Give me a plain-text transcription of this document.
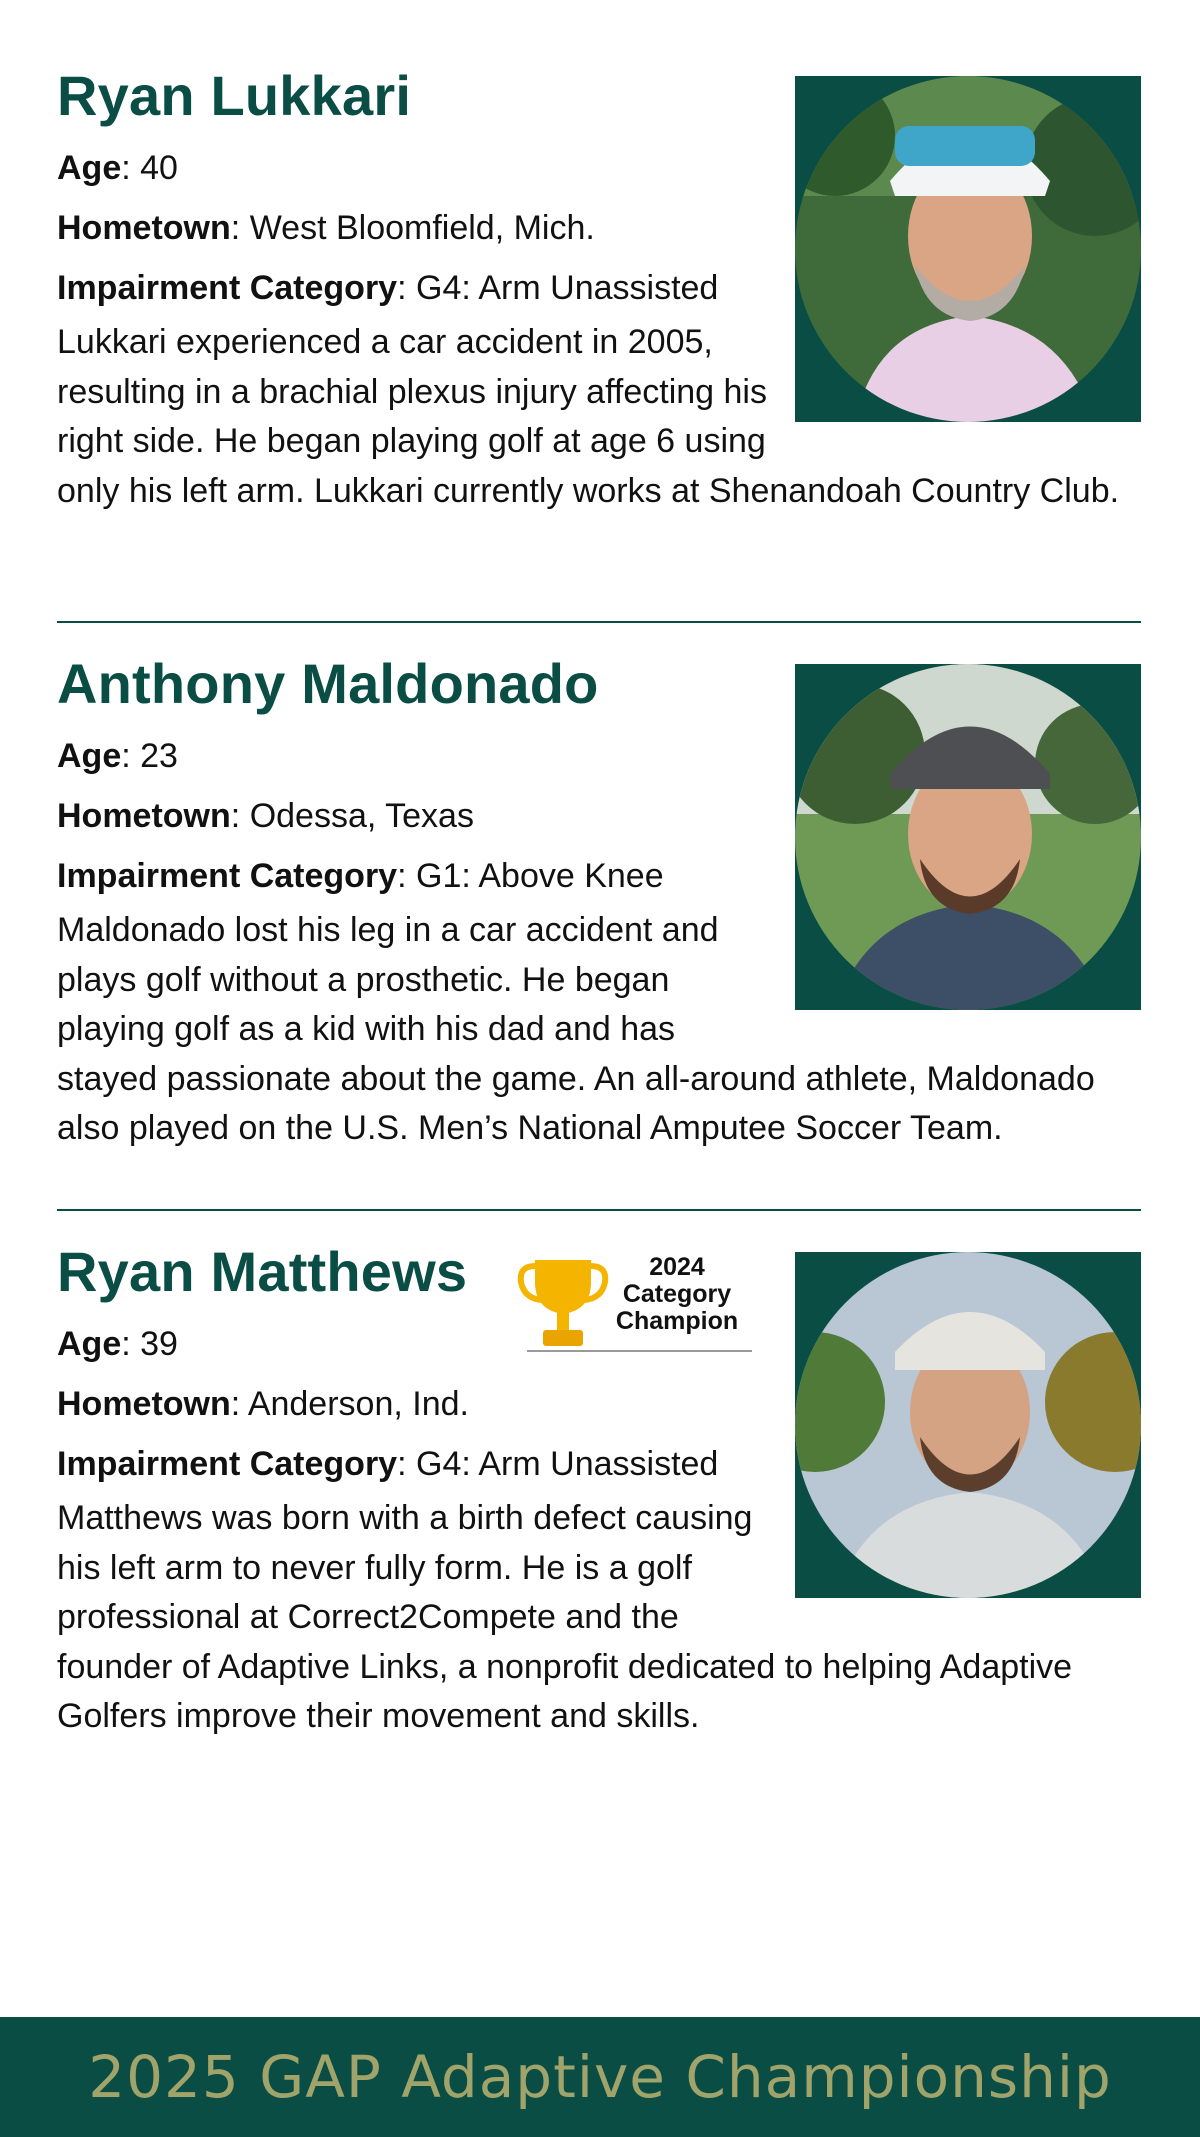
Ryan Lukkari

Age: 40

Hometown: West Bloomfield, Mich.

Impairment Category: G4: Arm Unassisted

Lukkari experienced a car accident in 2005, resulting in a brachial plexus injury affecting his right side. He began playing golf at age 6 using only his left arm. Lukkari currently works at Shenandoah Country Club.

Anthony Maldonado

Age: 23

Hometown: Odessa, Texas

Impairment Category: G1: Above Knee

Maldonado lost his leg in a car accident and plays golf without a prosthetic. He began playing golf as a kid with his dad and has stayed passionate about the game. An all-around athlete, Maldonado also played on the U.S. Men’s National Amputee Soccer Team.

2024
Category
Champion
Ryan Matthews

Age: 39

Hometown: Anderson, Ind.

Impairment Category: G4: Arm Unassisted

Matthews was born with a birth defect causing his left arm to never fully form. He is a golf professional at Correct2Compete and the founder of Adaptive Links, a nonprofit dedicated to helping Adaptive Golfers improve their movement and skills.

2025 GAP Adaptive Championship
